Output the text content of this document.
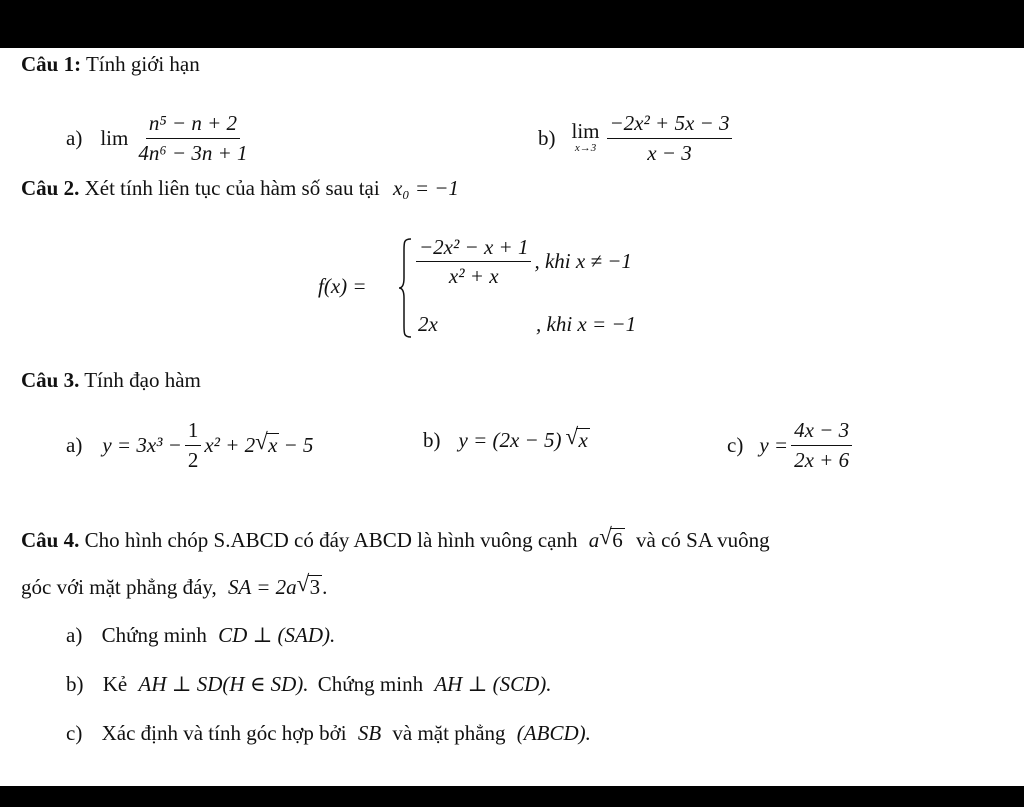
Câu 1: Tính giới hạn
a) $\lim \frac{\text{n⁵ − n + 2}}{\text{4n⁶ − 3n + 1}}$	b) lim
$x\to 3 \frac{\text{−2x² + 5x − 3}}{x - 3}$
Câu 2. Xét tính liên tục của hàm số sau tại x₀ = −1
$f(x) = \frac{\text{−2x² − x + 1}}{\text{x² + x}}$ , khi x ≠ −1
2x	, khi x = −1
Câu 3. Tính đạo hàm
a) $y = 3x^3 - \frac{1}{2} x^2 + 2$ √ x − 5	b) y = (2x − 5) √ x	c) $y = \frac{4x - 3}{2x + 6}$
Câu 4. Cho hình chóp S.ABCD có đáy ABCD là hình vuông cạnh a √ 6 và có SA vuông
góc với mặt phẳng đáy, SA = 2a √ 3.
a) Chứng minh CD ⊥ (SAD).
b) Kẻ AH ⊥ SD(H ∈ SD). Chứng minh AH ⊥ (SCD).
c) Xác định và tính góc hợp bởi SB và mặt phẳng (ABCD).
